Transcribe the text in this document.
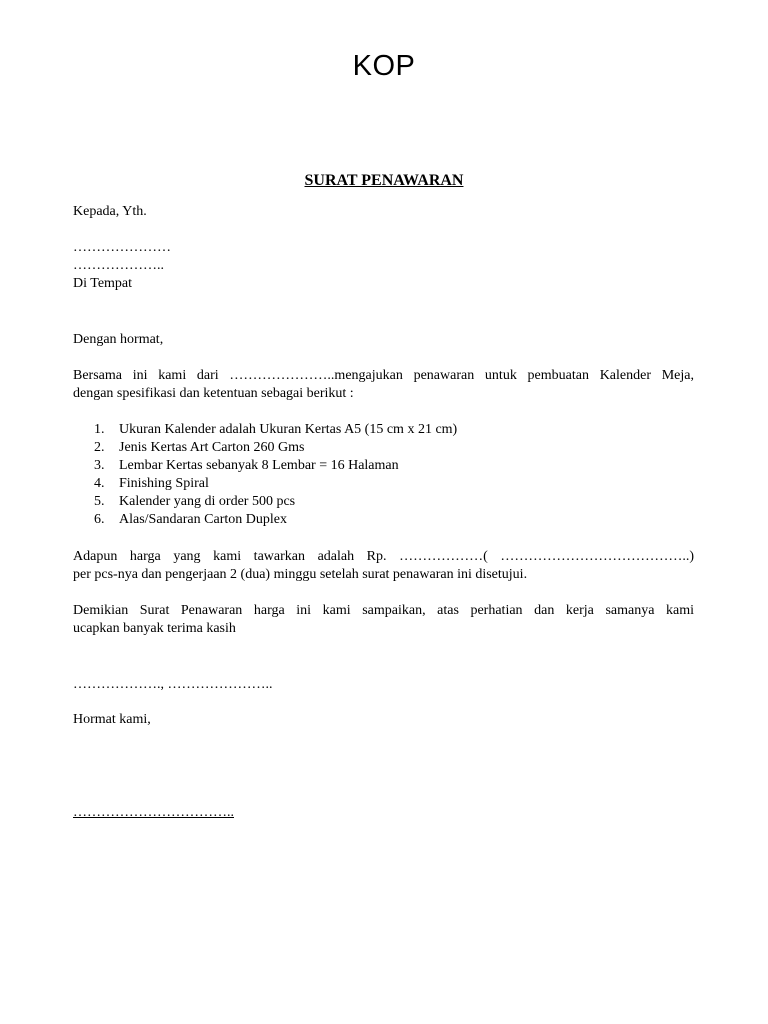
KOP
SURAT PENAWARAN
Kepada, Yth.
…………………
………………..
Di Tempat
Dengan hormat,
Bersama ini kami dari …………………..mengajukan penawaran untuk pembuatan Kalender Meja,
dengan spesifikasi dan ketentuan sebagai berikut :
1. Ukuran Kalender adalah Ukuran Kertas A5 (15 cm x 21 cm)
2. Jenis Kertas Art Carton 260 Gms
3. Lembar Kertas sebanyak 8 Lembar = 16 Halaman
4. Finishing Spiral
5. Kalender yang di order 500 pcs
6. Alas/Sandaran Carton Duplex
Adapun harga yang kami tawarkan adalah Rp. ………………( …………………………………..)
per pcs-nya dan pengerjaan 2 (dua) minggu setelah surat penawaran ini disetujui.
Demikian Surat Penawaran harga ini kami sampaikan, atas perhatian dan kerja samanya kami
ucapkan banyak terima kasih
………………., …………………..
Hormat kami,
……………………………..
